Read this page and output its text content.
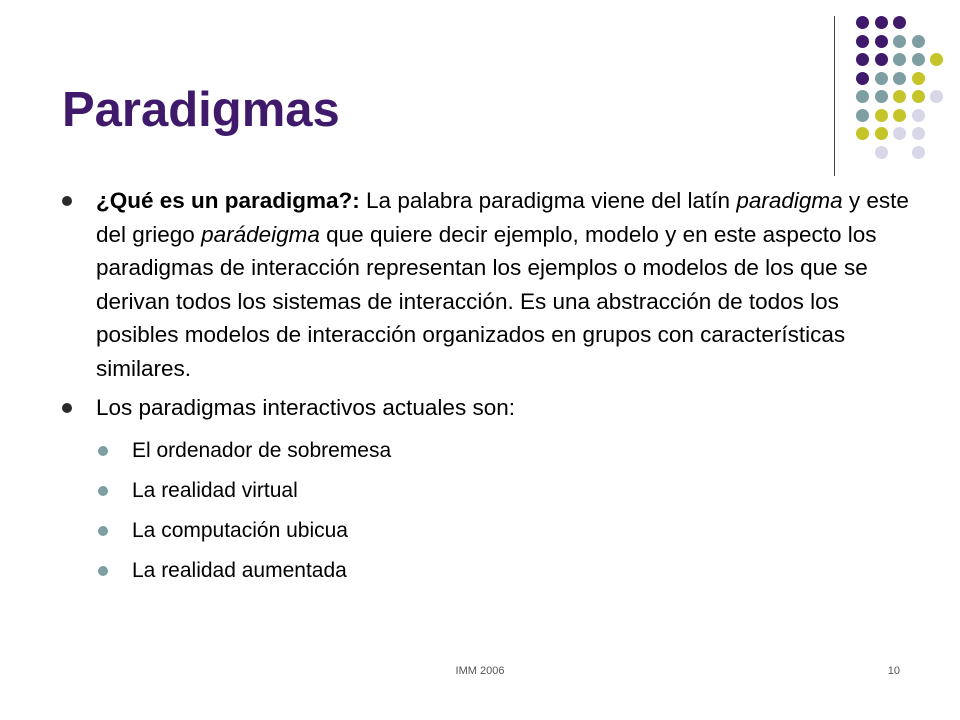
Paradigmas

¿Qué es un paradigma?: La palabra paradigma viene del latín paradigma y este del griego parádeigma que quiere decir ejemplo, modelo y en este aspecto los paradigmas de interacción representan los ejemplos o modelos de los que se derivan todos los sistemas de interacción. Es una abstracción de todos los posibles modelos de interacción organizados en grupos con características similares.

Los paradigmas interactivos actuales son:

El ordenador de sobremesa

La realidad virtual

La computación ubicua

La realidad aumentada

IMM 2006	10
